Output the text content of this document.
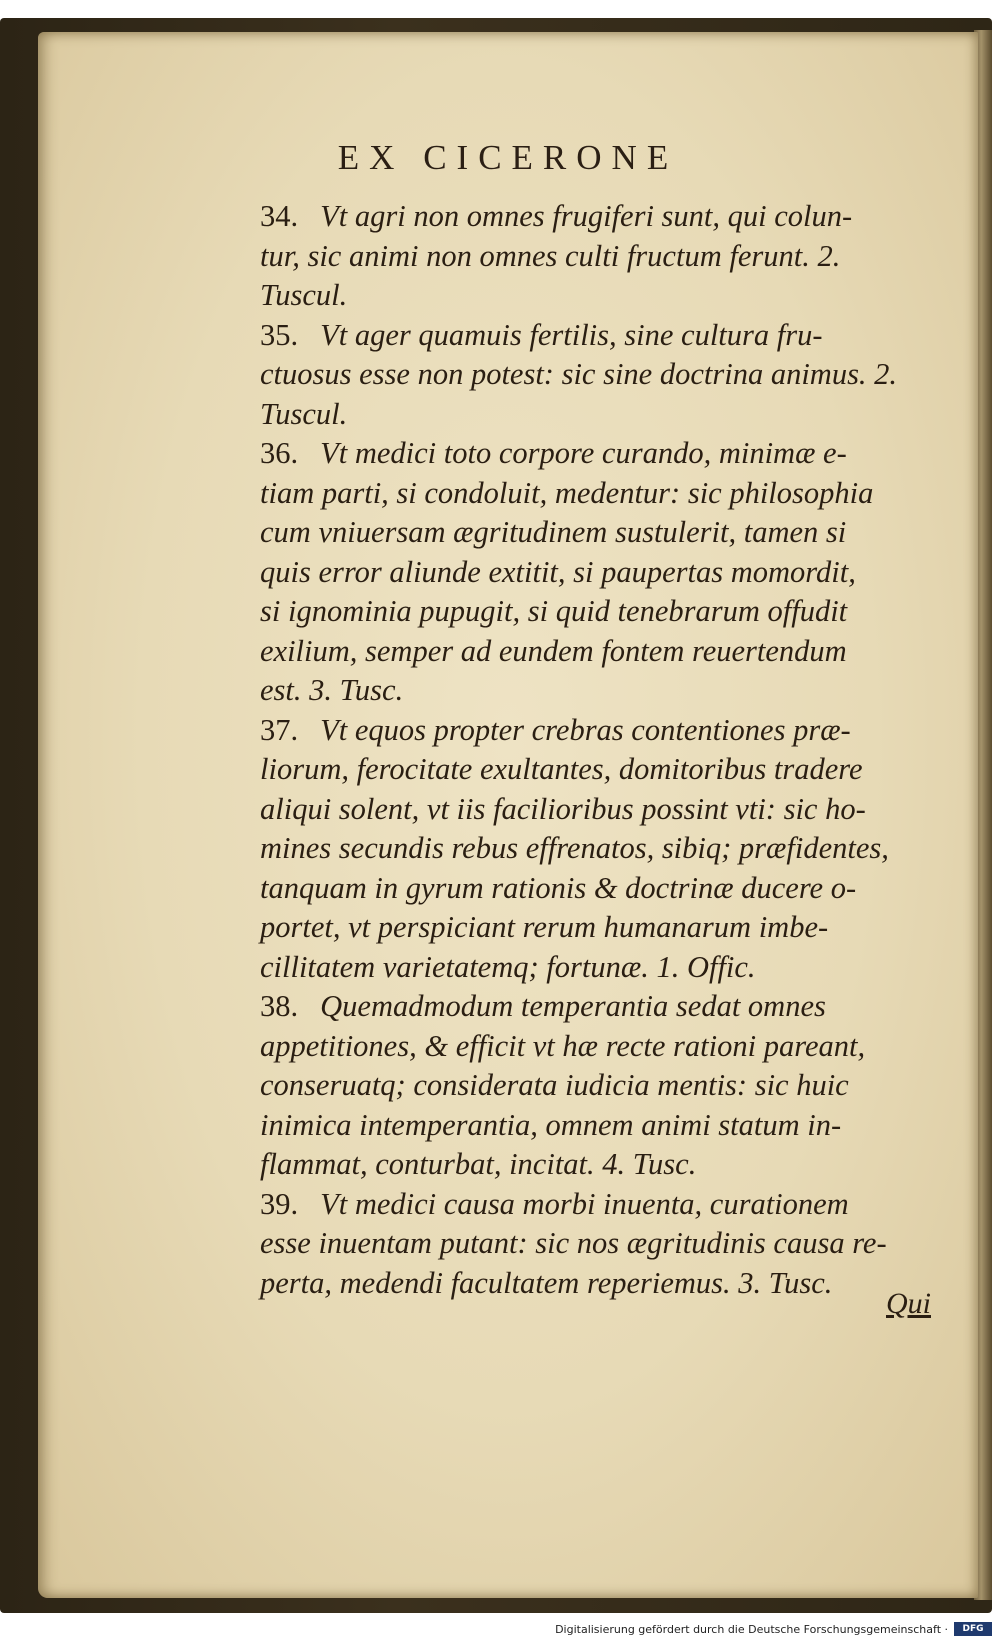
EX CICERONE
34. Vt agri non omnes frugiferi sunt, qui colun-
tur, sic animi non omnes culti fructum ferunt. 2.
Tuscul.
35. Vt ager quamuis fertilis, sine cultura fru-
ctuosus esse non potest: sic sine doctrina animus. 2.
Tuscul.
36. Vt medici toto corpore curando, minimæ e-
tiam parti, si condoluit, medentur: sic philosophia
cum vniuersam ægritudinem sustulerit, tamen si
quis error aliunde extitit, si paupertas momordit,
si ignominia pupugit, si quid tenebrarum offudit
exilium, semper ad eundem fontem reuertendum
est. 3. Tusc.
37. Vt equos propter crebras contentiones præ-
liorum, ferocitate exultantes, domitoribus tradere
aliqui solent, vt iis facilioribus possint vti: sic ho-
mines secundis rebus effrenatos, sibiq; præfidentes,
tanquam in gyrum rationis & doctrinæ ducere o-
portet, vt perspiciant rerum humanarum imbe-
cillitatem varietatemq; fortunæ. 1. Offic.
38. Quemadmodum temperantia sedat omnes
appetitiones, & efficit vt hæ recte rationi pareant,
conseruatq; considerata iudicia mentis: sic huic
inimica intemperantia, omnem animi statum in-
flammat, conturbat, incitat. 4. Tusc.
39. Vt medici causa morbi inuenta, curationem
esse inuentam putant: sic nos ægritudinis causa re-
perta, medendi facultatem reperiemus. 3. Tusc.
Qui
Digitalisierung gefördert durch die Deutsche Forschungsgemeinschaft ·	DFG
